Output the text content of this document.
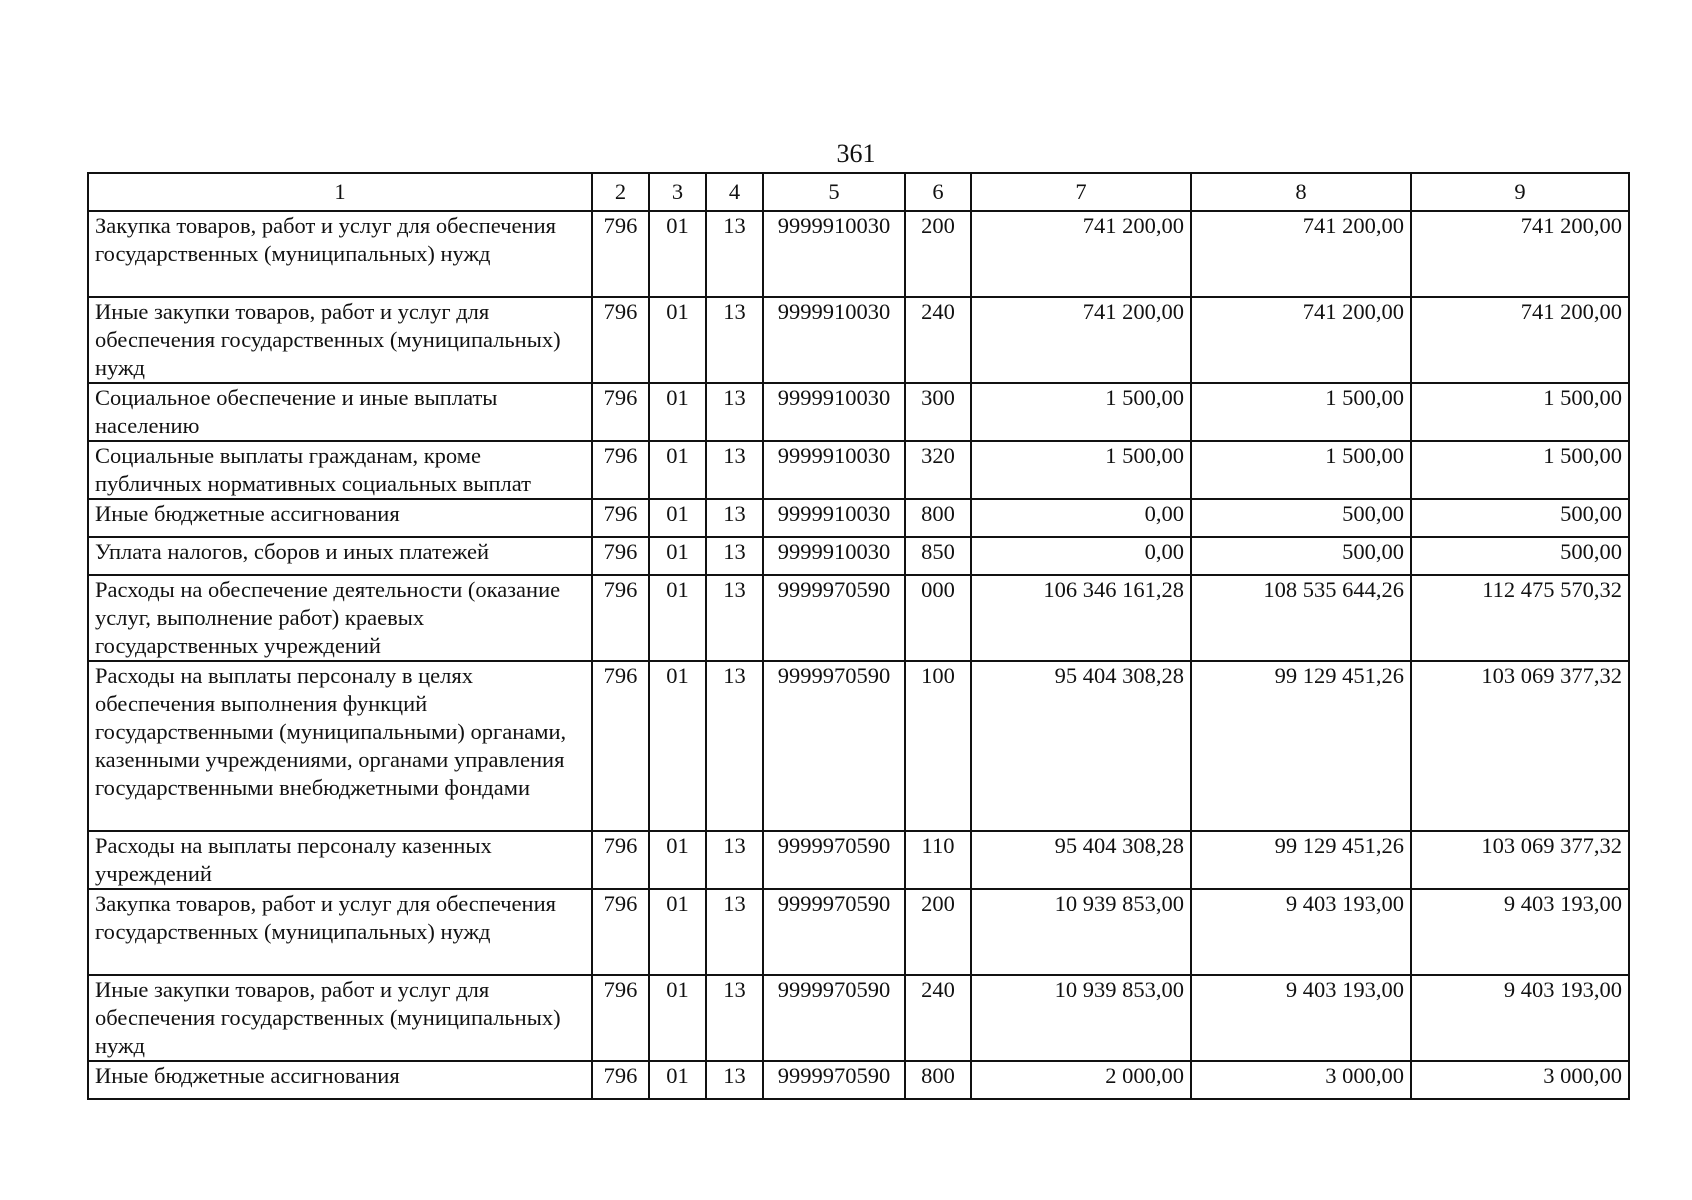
361
1	2	3	4	5	6	7	8	9
Закупка товаров, работ и услуг для обеспечения государственных (муниципальных) нужд	796	01	13	9999910030	200	741 200,00	741 200,00	741 200,00
Иные закупки товаров, работ и услуг для обеспечения государственных (муниципальных) нужд	796	01	13	9999910030	240	741 200,00	741 200,00	741 200,00
Социальное обеспечение и иные выплаты населению	796	01	13	9999910030	300	1 500,00	1 500,00	1 500,00
Социальные выплаты гражданам, кроме публичных нормативных социальных выплат	796	01	13	9999910030	320	1 500,00	1 500,00	1 500,00
Иные бюджетные ассигнования	796	01	13	9999910030	800	0,00	500,00	500,00
Уплата налогов, сборов и иных платежей	796	01	13	9999910030	850	0,00	500,00	500,00
Расходы на обеспечение деятельности (оказание услуг, выполнение работ) краевых государственных учреждений	796	01	13	9999970590	000	106 346 161,28	108 535 644,26	112 475 570,32
Расходы на выплаты персоналу в целях обеспечения выполнения функций государственными (муниципальными) органами, казенными учреждениями, органами управления государственными внебюджетными фондами	796	01	13	9999970590	100	95 404 308,28	99 129 451,26	103 069 377,32
Расходы на выплаты персоналу казенных учреждений	796	01	13	9999970590	110	95 404 308,28	99 129 451,26	103 069 377,32
Закупка товаров, работ и услуг для обеспечения государственных (муниципальных) нужд	796	01	13	9999970590	200	10 939 853,00	9 403 193,00	9 403 193,00
Иные закупки товаров, работ и услуг для обеспечения государственных (муниципальных) нужд	796	01	13	9999970590	240	10 939 853,00	9 403 193,00	9 403 193,00
Иные бюджетные ассигнования	796	01	13	9999970590	800	2 000,00	3 000,00	3 000,00
